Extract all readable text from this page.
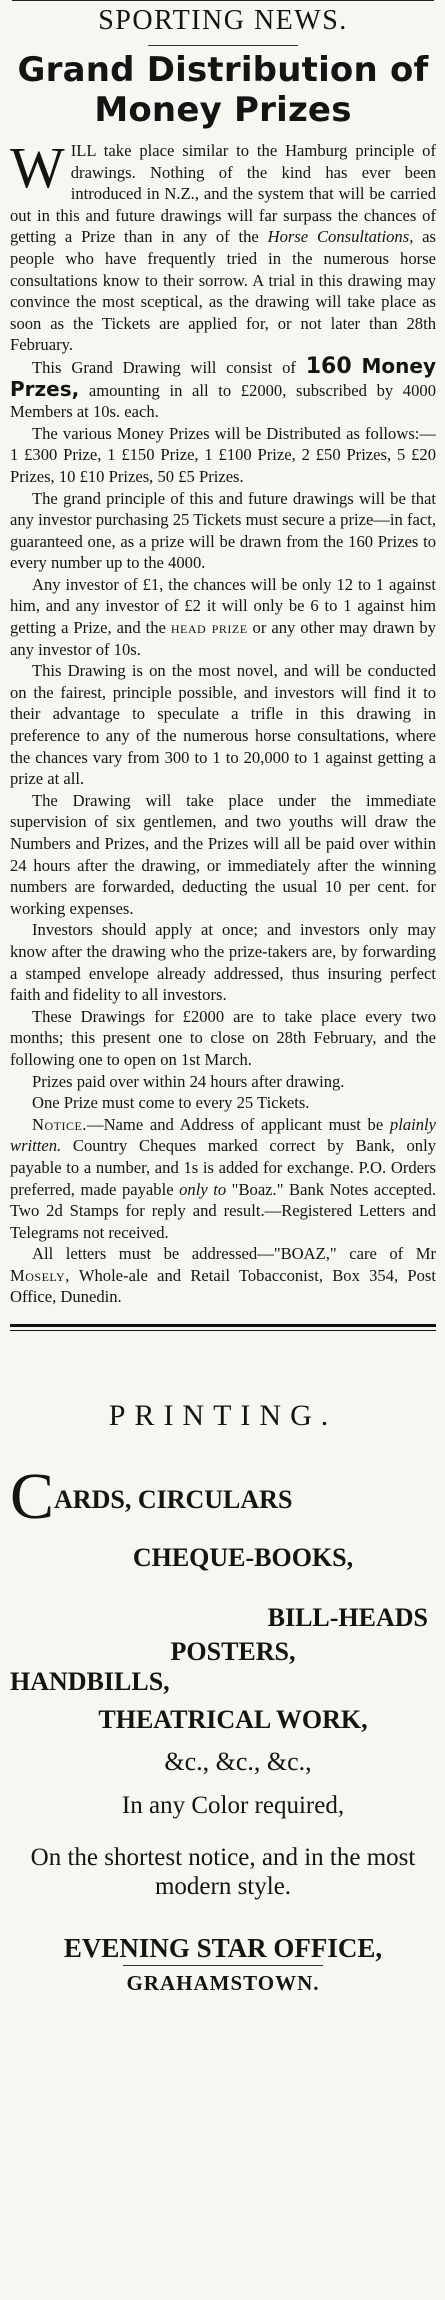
SPORTING NEWS.
Grand Distribution of Money Prizes

WILL take place similar to the Hamburg principle of drawings. Nothing of the kind has ever been introduced in N.Z., and the system that will be carried out in this and future drawings will far surpass the chances of getting a Prize than in any of the Horse Consultations, as people who have frequently tried in the numerous horse consultations know to their sorrow. A trial in this drawing may convince the most sceptical, as the drawing will take place as soon as the Tickets are applied for, or not later than 28th February.

This Grand Drawing will consist of 160 Money Przes, amounting in all to £2000, subscribed by 4000 Members at 10s. each.

The various Money Prizes will be Distributed as follows:—1 £300 Prize, 1 £150 Prize, 1 £100 Prize, 2 £50 Prizes, 5 £20 Prizes, 10 £10 Prizes, 50 £5 Prizes.

The grand principle of this and future drawings will be that any investor purchasing 25 Tickets must secure a prize—in fact, guaranteed one, as a prize will be drawn from the 160 Prizes to every number up to the 4000.

Any investor of £1, the chances will be only 12 to 1 against him, and any investor of £2 it will only be 6 to 1 against him getting a Prize, and the head prize or any other may drawn by any investor of 10s.

This Drawing is on the most novel, and will be conducted on the fairest, principle possible, and investors will find it to their advantage to speculate a trifle in this drawing in preference to any of the numerous horse consultations, where the chances vary from 300 to 1 to 20,000 to 1 against getting a prize at all.

The Drawing will take place under the immediate supervision of six gentlemen, and two youths will draw the Numbers and Prizes, and the Prizes will all be paid over within 24 hours after the drawing, or immediately after the winning numbers are forwarded, deducting the usual 10 per cent. for working expenses.

Investors should apply at once; and investors only may know after the drawing who the prize-takers are, by forwarding a stamped envelope already addressed, thus insuring perfect faith and fidelity to all investors.

These Drawings for £2000 are to take place every two months; this present one to close on 28th February, and the following one to open on 1st March.

Prizes paid over within 24 hours after drawing.

One Prize must come to every 25 Tickets.

Notice.—Name and Address of applicant must be plainly written. Country Cheques marked correct by Bank, only payable to a number, and 1s is added for exchange. P.O. Orders preferred, made payable only to "Boaz." Bank Notes accepted. Two 2d Stamps for reply and result.—Registered Letters and Telegrams not received.

All letters must be addressed—"BOAZ," care of Mr Mosely, Whole-ale and Retail Tobacconist, Box 354, Post Office, Dunedin.

PRINTING.
C ARDS, CIRCULARS
CHEQUE-BOOKS,
BILL-HEADS
POSTERS,
HANDBILLS,
THEATRICAL WORK,
&c., &c., &c.,
In any Color required,
On the shortest notice, and in the most modern style.
EVENING STAR OFFICE,
GRAHAMSTOWN.
